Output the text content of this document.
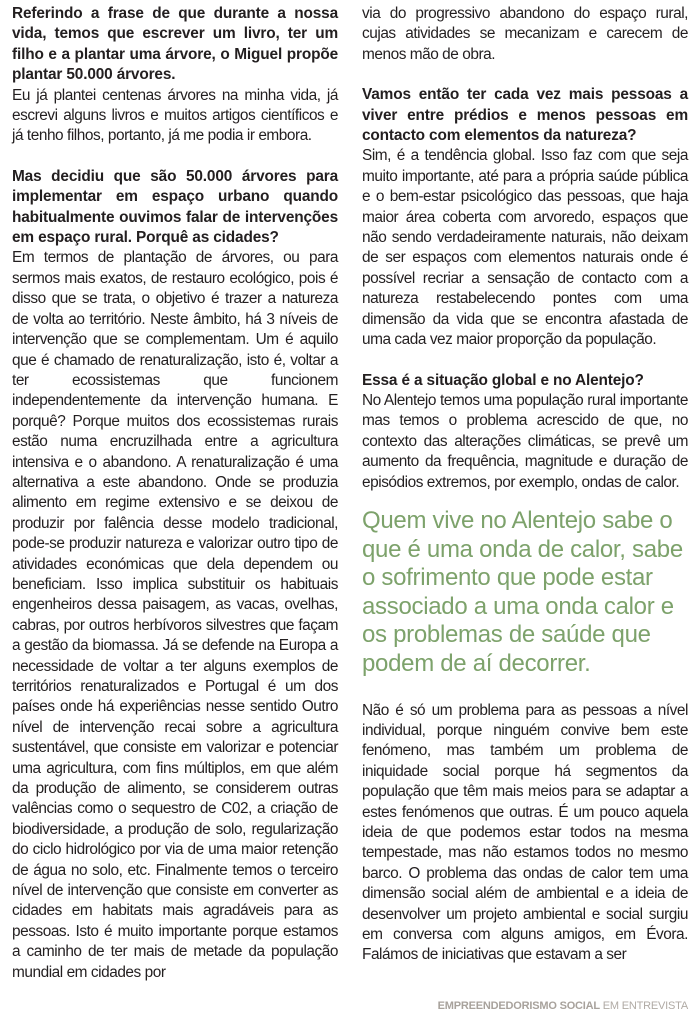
Referindo a frase de que durante a nossa vida, temos que escrever um livro, ter um filho e a plantar uma árvore, o Miguel propõe plantar 50.000 árvores.

Eu já plantei centenas árvores na minha vida, já escrevi alguns livros e muitos artigos científicos e já tenho filhos, portanto, já me podia ir embora.

Mas decidiu que são 50.000 árvores para implementar em espaço urbano quando habitualmente ouvimos falar de intervenções em espaço rural. Porquê as cidades?

Em termos de plantação de árvores, ou para sermos mais exatos, de restauro ecológico, pois é disso que se trata, o objetivo é trazer a natureza de volta ao território. Neste âmbito, há 3 níveis de intervenção que se complementam. Um é aquilo que é chamado de renaturalização, isto é, voltar a ter ecossistemas que funcionem independentemente da intervenção humana. E porquê? Porque muitos dos ecossistemas rurais estão numa encruzilhada entre a agricultura intensiva e o abandono. A renaturalização é uma alternativa a este abandono. Onde se produzia alimento em regime extensivo e se deixou de produzir por falência desse modelo tradicional, pode-se produzir natureza e valorizar outro tipo de atividades económicas que dela dependem ou beneficiam. Isso implica substituir os habituais engenheiros dessa paisagem, as vacas, ovelhas, cabras, por outros herbívoros silvestres que façam a gestão da biomassa. Já se defende na Europa a necessidade de voltar a ter alguns exemplos de territórios renaturalizados e Portugal é um dos países onde há experiências nesse sentido Outro nível de intervenção recai sobre a agricultura sustentável, que consiste em valorizar e potenciar uma agricultura, com fins múltiplos, em que além da produção de alimento, se considerem outras valências como o sequestro de C02, a criação de biodiversidade, a produção de solo, regularização do ciclo hidrológico por via de uma maior retenção de água no solo, etc. Finalmente temos o terceiro nível de intervenção que consiste em converter as cidades em habitats mais agradáveis para as pessoas. Isto é muito importante porque estamos a caminho de ter mais de metade da população mundial em cidades por

via do progressivo abandono do espaço rural, cujas atividades se mecanizam e carecem de menos mão de obra.

Vamos então ter cada vez mais pessoas a viver entre prédios e menos pessoas em contacto com elementos da natureza?

Sim, é a tendência global. Isso faz com que seja muito importante, até para a própria saúde pública e o bem-estar psicológico das pessoas, que haja maior área coberta com arvoredo, espaços que não sendo verdadeiramente naturais, não deixam de ser espaços com elementos naturais onde é possível recriar a sensação de contacto com a natureza restabelecendo pontes com uma dimensão da vida que se encontra afastada de uma cada vez maior proporção da população.

Essa é a situação global e no Alentejo?

No Alentejo temos uma população rural importante mas temos o problema acrescido de que, no contexto das alterações climáticas, se prevê um aumento da frequência, magnitude e duração de episódios extremos, por exemplo, ondas de calor.

Quem vive no Alentejo sabe o que é uma onda de calor, sabe o sofrimento que pode estar associado a uma onda calor e os problemas de saúde que podem de aí decorrer.

Não é só um problema para as pessoas a nível individual, porque ninguém convive bem este fenómeno, mas também um problema de iniquidade social porque há segmentos da população que têm mais meios para se adaptar a estes fenómenos que outras. É um pouco aquela ideia de que podemos estar todos na mesma tempestade, mas não estamos todos no mesmo barco. O problema das ondas de calor tem uma dimensão social além de ambiental e a ideia de desenvolver um projeto ambiental e social surgiu em conversa com alguns amigos, em Évora. Falámos de iniciativas que estavam a ser

EMPREENDEDORISMO SOCIAL EM ENTREVISTA
